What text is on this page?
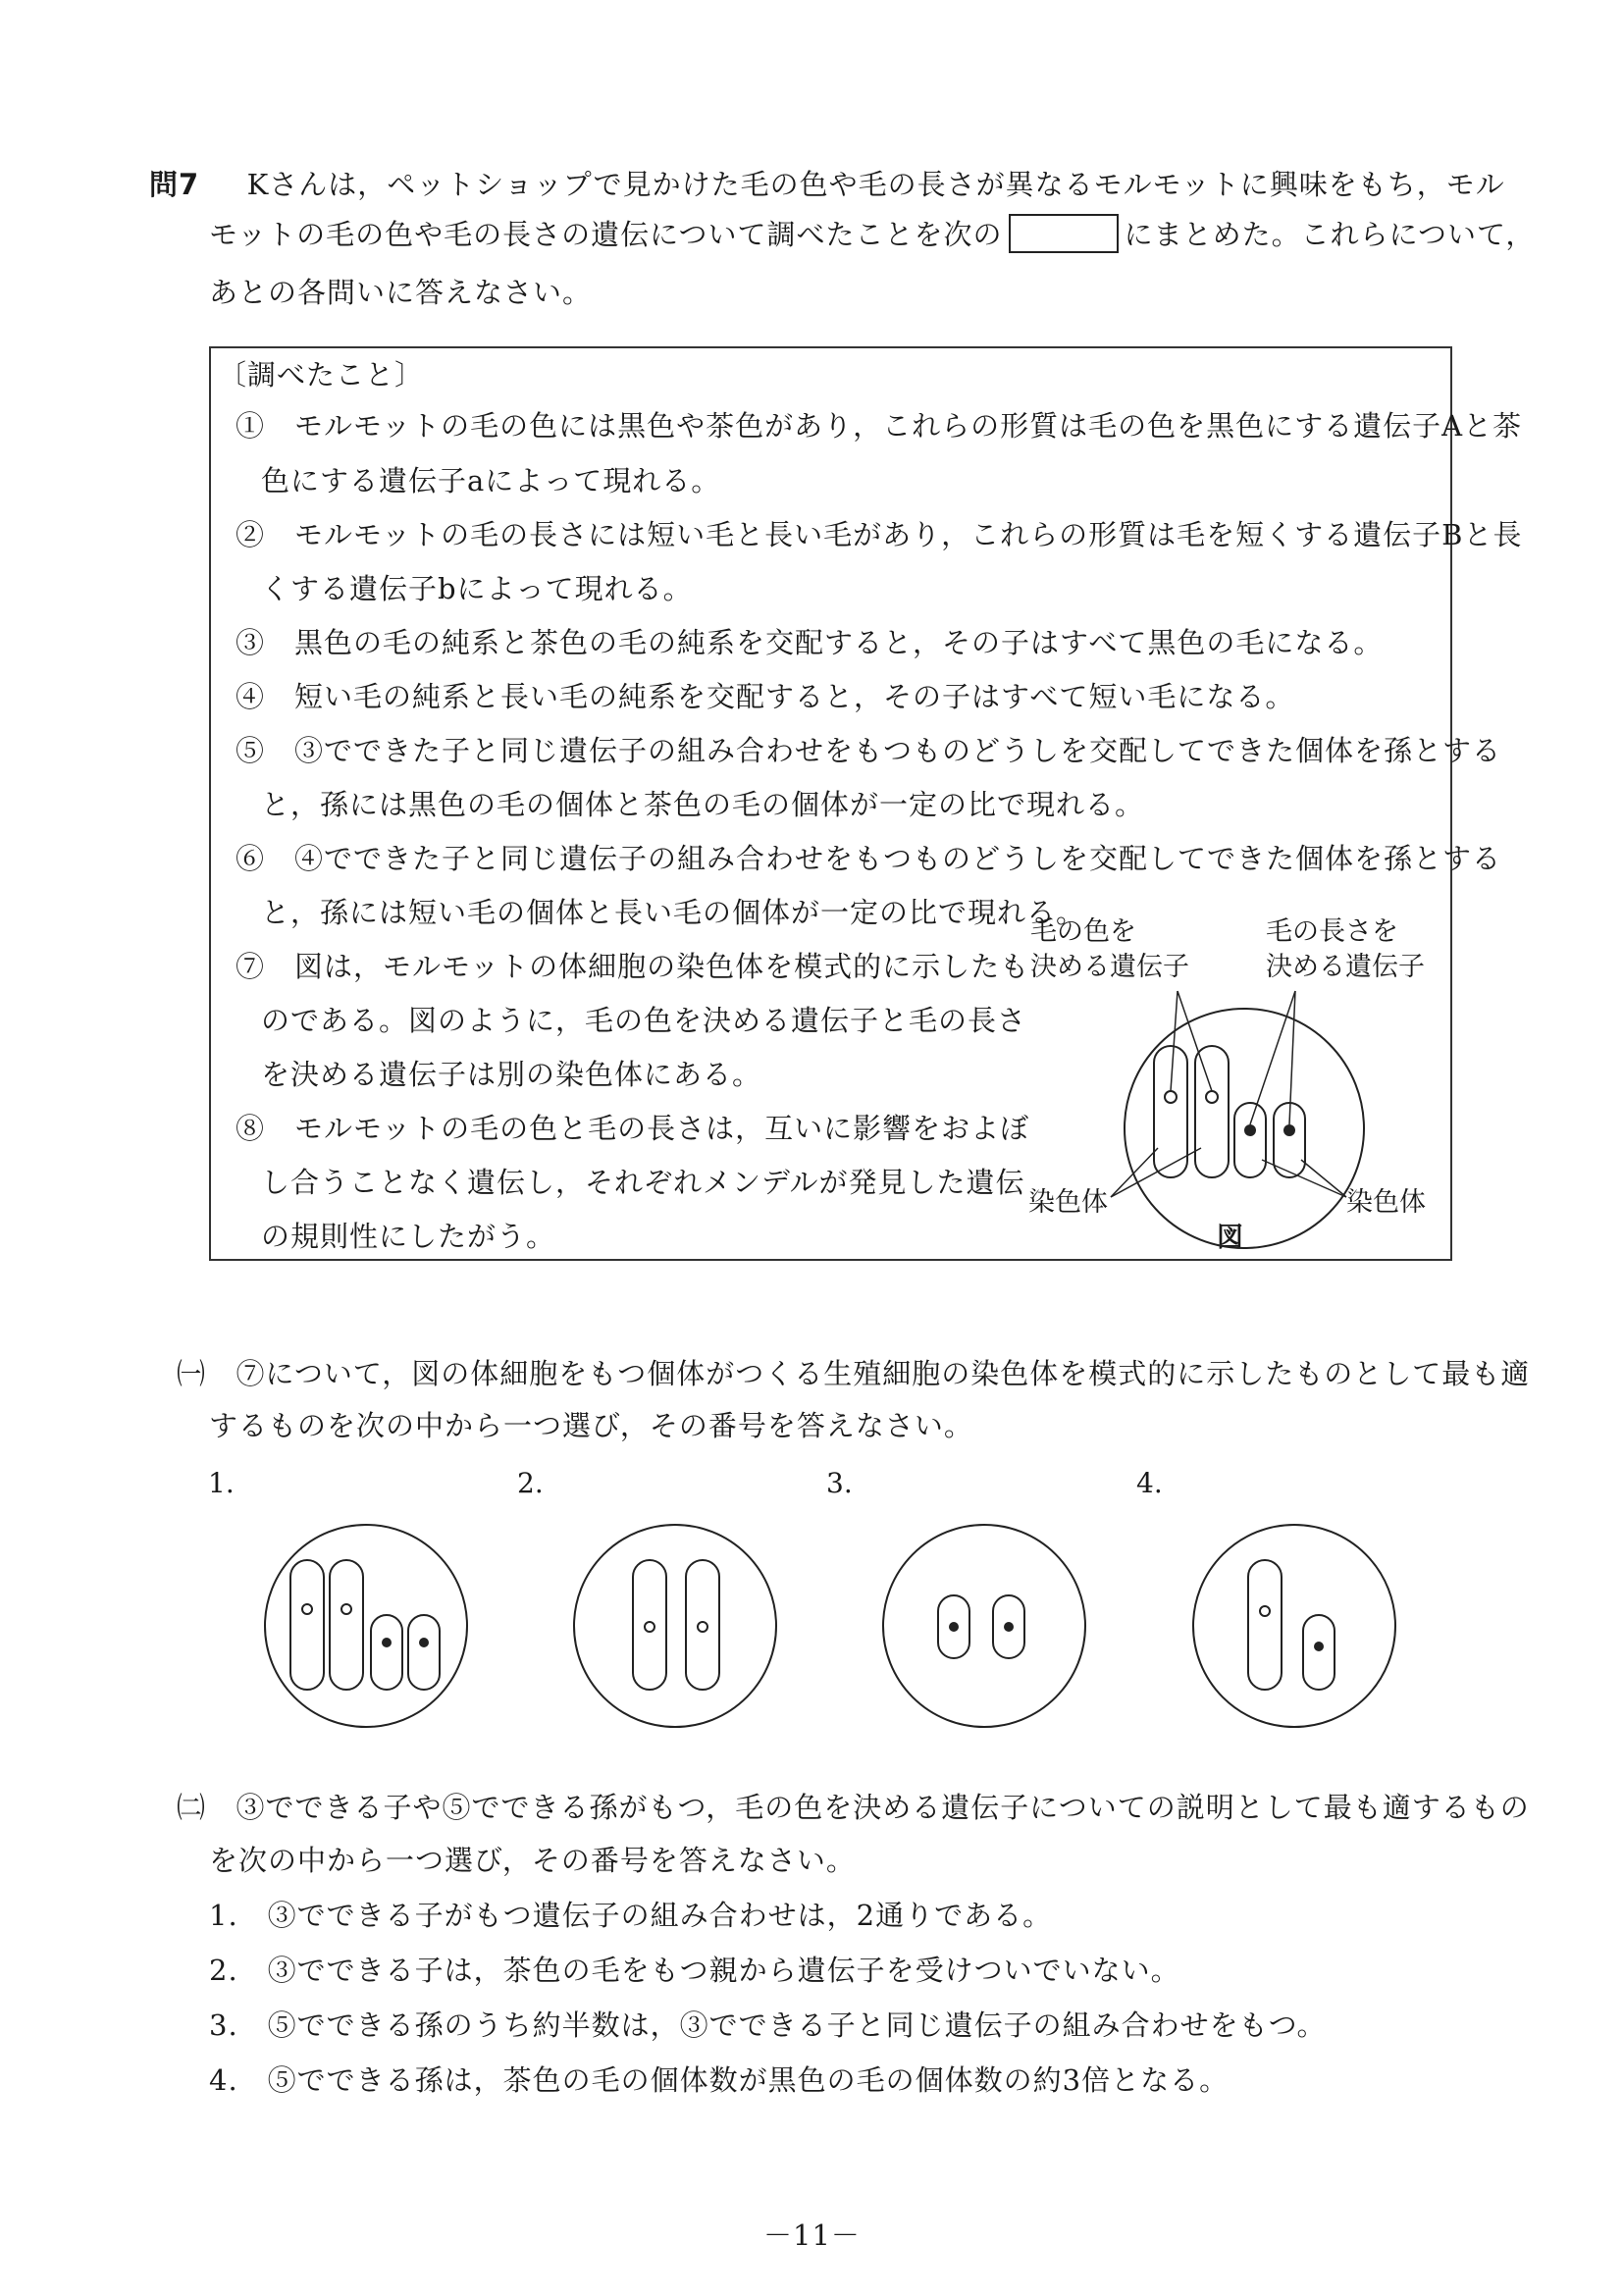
問7 Kさんは，ペットショップで見かけた毛の色や毛の長さが異なるモルモットに興味をもち，モル
モットの毛の色や毛の長さの遺伝について調べたことを次の	にまとめた。これらについて，
あとの各問いに答えなさい。
〔調べたこと〕
①　モルモットの毛の色には黒色や茶色があり，これらの形質は毛の色を黒色にする遺伝子Aと茶
色にする遺伝子aによって現れる。
②　モルモットの毛の長さには短い毛と長い毛があり，これらの形質は毛を短くする遺伝子Bと長
くする遺伝子bによって現れる。
③　黒色の毛の純系と茶色の毛の純系を交配すると，その子はすべて黒色の毛になる。
④　短い毛の純系と長い毛の純系を交配すると，その子はすべて短い毛になる。
⑤　③でできた子と同じ遺伝子の組み合わせをもつものどうしを交配してできた個体を孫とする
と，孫には黒色の毛の個体と茶色の毛の個体が一定の比で現れる。
⑥　④でできた子と同じ遺伝子の組み合わせをもつものどうしを交配してできた個体を孫とする
と，孫には短い毛の個体と長い毛の個体が一定の比で現れる。
⑦　図は，モルモットの体細胞の染色体を模式的に示したも
のである。図のように，毛の色を決める遺伝子と毛の長さ
を決める遺伝子は別の染色体にある。
⑧　モルモットの毛の色と毛の長さは，互いに影響をおよぼ
し合うことなく遺伝し，それぞれメンデルが発見した遺伝
の規則性にしたがう。
毛の色を
決める遺伝子
毛の長さを
決める遺伝子
染色体	染色体
図
㈠ ⑦について，図の体細胞をもつ個体がつくる生殖細胞の染色体を模式的に示したものとして最も適
するものを次の中から一つ選び，その番号を答えなさい。
1.	2.	3.	4.
㈡ ③でできる子や⑤でできる孫がもつ，毛の色を決める遺伝子についての説明として最も適するもの
を次の中から一つ選び，その番号を答えなさい。
1.　③でできる子がもつ遺伝子の組み合わせは，2通りである。
2.　③でできる子は，茶色の毛をもつ親から遺伝子を受けついでいない。
3.　⑤でできる孫のうち約半数は，③でできる子と同じ遺伝子の組み合わせをもつ。
4.　⑤でできる孫は，茶色の毛の個体数が黒色の毛の個体数の約3倍となる。
－11－
